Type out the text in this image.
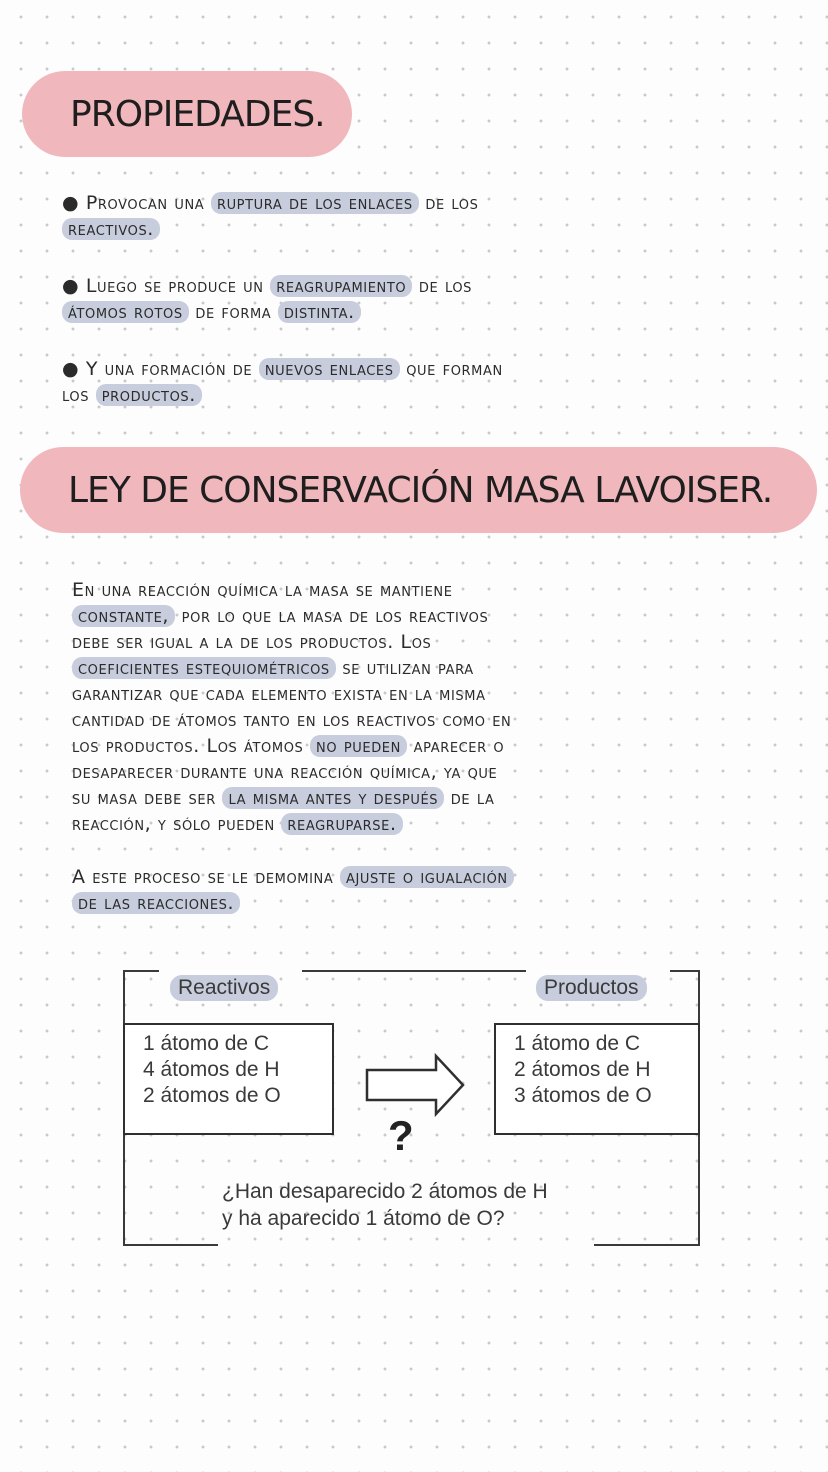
PROPIEDADES.

● Provocan una ruptura de los enlaces de los
reactivos.

● Luego se produce un reagrupamiento de los
átomos rotos de forma distinta.

● Y una formación de nuevos enlaces que forman
los productos.

LEY DE CONSERVACIÓN MASA LAVOISER.

En una reacción química la masa se mantiene
constante, por lo que la masa de los reactivos
debe ser igual a la de los productos. Los
coeficientes estequiométricos se utilizan para
garantizar que cada elemento exista en la misma
cantidad de átomos tanto en los reactivos como en
los productos. Los átomos no pueden aparecer o
desaparecer durante una reacción química, ya que
su masa debe ser la misma antes y después de la
reacción, y sólo pueden reagruparse.

A este proceso se le demomina ajuste o igualación
de las reacciones.

Reactivos	Productos
1 átomo de C
4 átomos de H
2 átomos de O
1 átomo de C
2 átomos de H
3 átomos de O
?
¿Han desaparecido 2 átomos de H
y ha aparecido 1 átomo de O?
